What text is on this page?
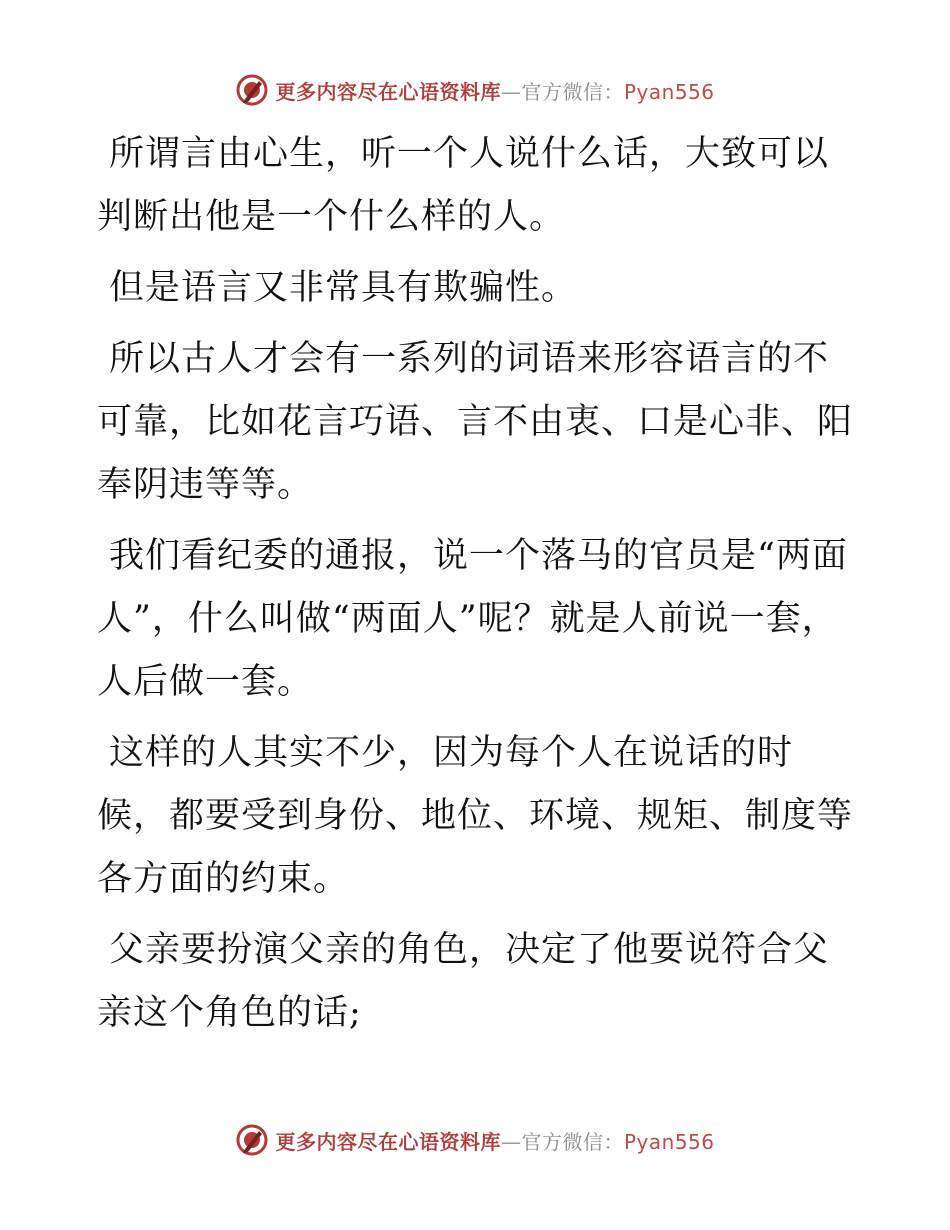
更多内容尽在心语资料库—官方微信：Pyan556

所谓言由心生，听一个人说什么话，大致可以判断出他是一个什么样的人。

但是语言又非常具有欺骗性。

所以古人才会有一系列的词语来形容语言的不可靠，比如花言巧语、言不由衷、口是心非、阳奉阴违等等。

我们看纪委的通报，说一个落马的官员是“两面人”，什么叫做“两面人”呢？就是人前说一套，人后做一套。

这样的人其实不少，因为每个人在说话的时候，都要受到身份、地位、环境、规矩、制度等各方面的约束。

父亲要扮演父亲的角色，决定了他要说符合父亲这个角色的话;

更多内容尽在心语资料库—官方微信：Pyan556
